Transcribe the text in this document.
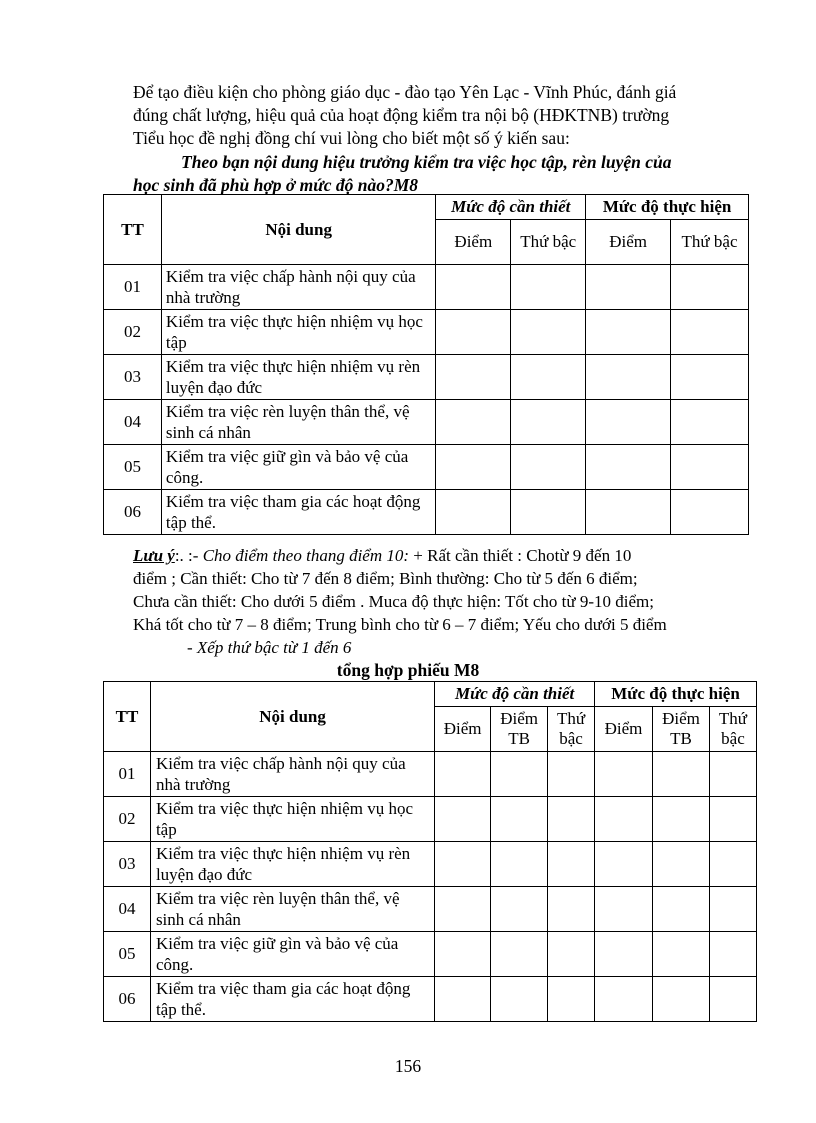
Để tạo điều kiện cho phòng giáo dục - đào tạo Yên Lạc - Vĩnh Phúc, đánh giá

đúng chất lượng, hiệu quả của hoạt động kiểm tra nội bộ (HĐKTNB) trường

Tiểu học đề nghị đồng chí vui lòng cho biết một số ý kiến sau:

Theo bạn nội dung hiệu trưởng kiểm tra việc học tập, rèn luyện của
học sinh đã phù hợp ở mức độ nào?M8
TT	Nội dung	Mức độ cần thiết		Mức độ thực hiện	
		Điểm	Thứ bậc	Điểm	Thứ bậc
01	Kiểm tra việc chấp hành nội quy của nhà trường				
02	Kiểm tra việc thực hiện nhiệm vụ học tập				
03	Kiểm tra việc thực hiện nhiệm vụ rèn luyện đạo đức				
04	Kiểm tra việc rèn luyện thân thể, vệ sinh cá nhân				
05	Kiểm tra việc giữ gìn và bảo vệ của công.				
06	Kiểm tra việc tham gia các hoạt động tập thể.				

Lưu ý:. :- Cho điểm theo thang điểm 10: + Rất cần thiết : Chotừ 9 đến 10

điểm ; Cần thiết: Cho từ 7 đến 8 điểm; Bình thường: Cho từ 5 đến 6 điểm;

Chưa cần thiết: Cho dưới 5 điểm . Muca độ thực hiện: Tốt cho từ 9-10 điểm;

Khá tốt cho từ 7 – 8 điểm; Trung bình cho từ 6 – 7 điểm; Yếu cho dưới 5 điểm

- Xếp thứ bậc từ 1 đến 6

tổng hợp phiếu M8
TT	Nội dung	Mức độ cần thiết			Mức độ thực hiện		
		Điểm	Điểm TB	Thứ bậc	Điểm	Điểm TB	Thứ bậc
01	Kiểm tra việc chấp hành nội quy của nhà trường						
02	Kiểm tra việc thực hiện nhiệm vụ học tập						
03	Kiểm tra việc thực hiện nhiệm vụ rèn luyện đạo đức						
04	Kiểm tra việc rèn luyện thân thể, vệ sinh cá nhân						
05	Kiểm tra việc giữ gìn và bảo vệ của công.						
06	Kiểm tra việc tham gia các hoạt động tập thể.						
156
